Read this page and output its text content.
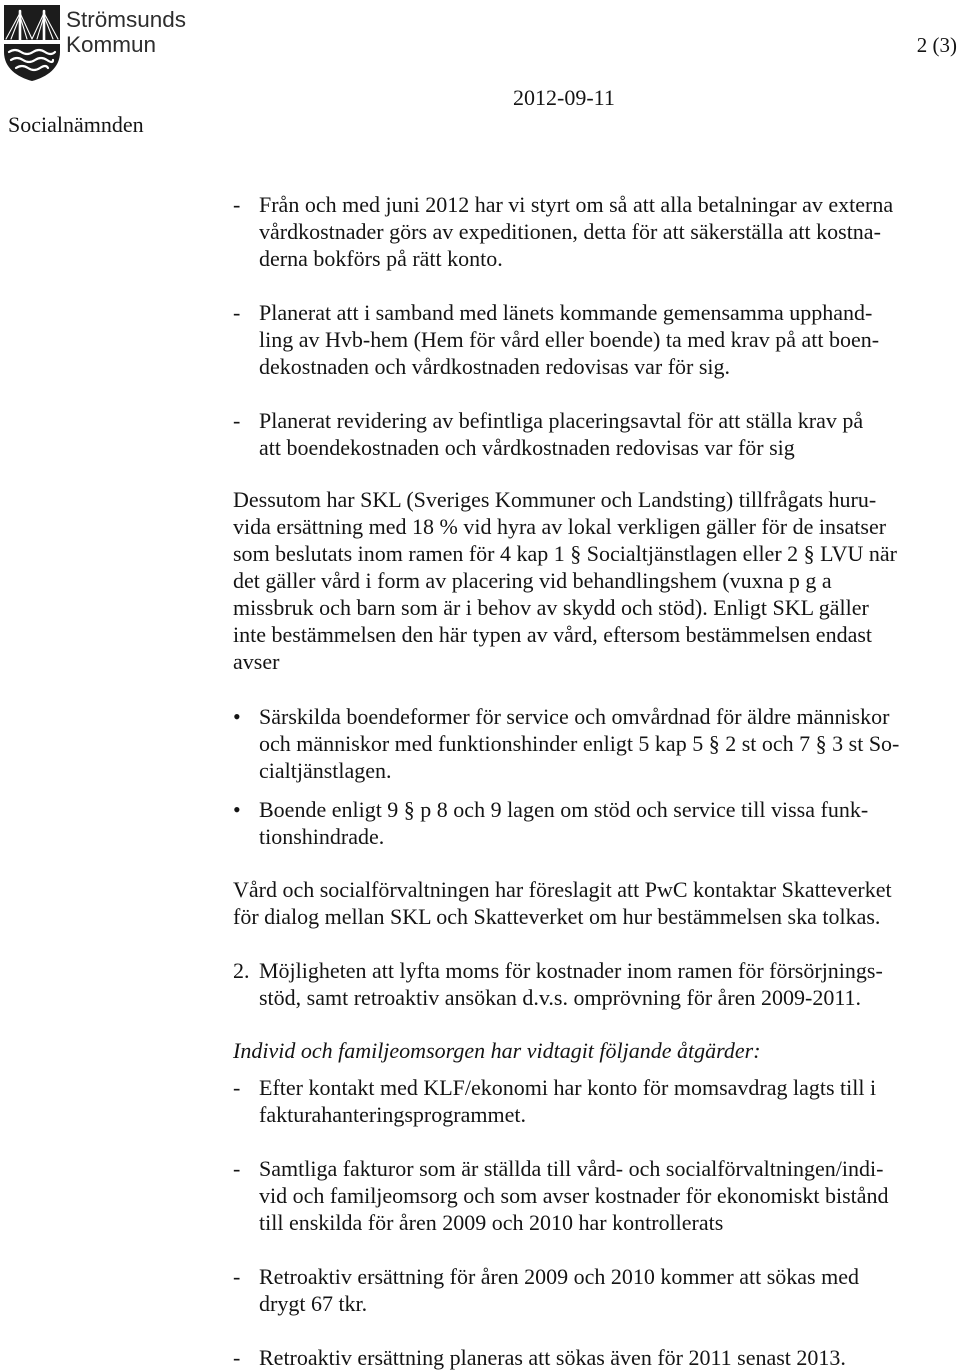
Strömsunds
Kommun	2 (3)
2012-09-11
Socialnämnden
- Från och med juni 2012 har vi styrt om så att alla betalningar av externa
vårdkostnader görs av expeditionen, detta för att säkerställa att kostna-
derna bokförs på rätt konto.
- Planerat att i samband med länets kommande gemensamma upphand-
ling av Hvb-hem (Hem för vård eller boende) ta med krav på att boen-
dekostnaden och vårdkostnaden redovisas var för sig.
- Planerat revidering av befintliga placeringsavtal för att ställa krav på
att boendekostnaden och vårdkostnaden redovisas var för sig
Dessutom har SKL (Sveriges Kommuner och Landsting) tillfrågats huru-
vida ersättning med 18 % vid hyra av lokal verkligen gäller för de insatser
som beslutats inom ramen för 4 kap 1 § Socialtjänstlagen eller 2 § LVU när
det gäller vård i form av placering vid behandlingshem (vuxna p g a
missbruk och barn som är i behov av skydd och stöd). Enligt SKL gäller
inte bestämmelsen den här typen av vård, eftersom bestämmelsen endast
avser
• Särskilda boendeformer för service och omvårdnad för äldre människor
och människor med funktionshinder enligt 5 kap 5 § 2 st och 7 § 3 st So-
cialtjänstlagen.
• Boende enligt 9 § p 8 och 9 lagen om stöd och service till vissa funk-
tionshindrade.
Vård och socialförvaltningen har föreslagit att PwC kontaktar Skatteverket
för dialog mellan SKL och Skatteverket om hur bestämmelsen ska tolkas.
2. Möjligheten att lyfta moms för kostnader inom ramen för försörjnings-
stöd, samt retroaktiv ansökan d.v.s. omprövning för åren 2009-2011.
Individ och familjeomsorgen har vidtagit följande åtgärder:
- Efter kontakt med KLF/ekonomi har konto för momsavdrag lagts till i
fakturahanteringsprogrammet.
- Samtliga fakturor som är ställda till vård- och socialförvaltningen/indi-
vid och familjeomsorg och som avser kostnader för ekonomiskt bistånd
till enskilda för åren 2009 och 2010 har kontrollerats
- Retroaktiv ersättning för åren 2009 och 2010 kommer att sökas med
drygt 67 tkr.
- Retroaktiv ersättning planeras att sökas även för 2011 senast 2013.
